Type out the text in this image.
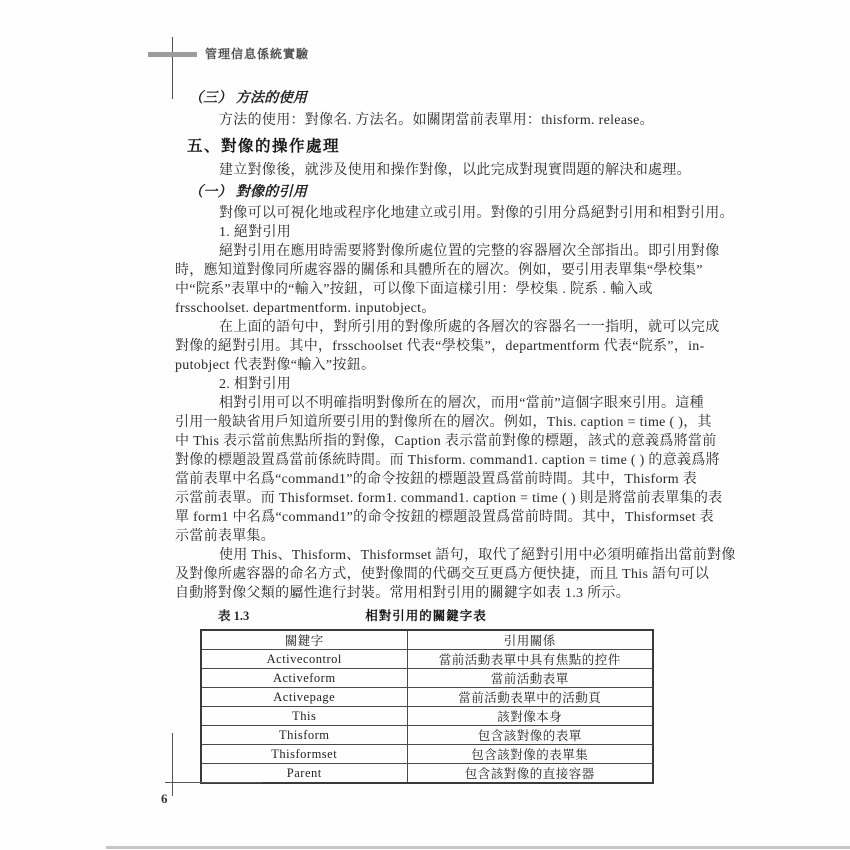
管理信息係統實驗
（三） 方法的使用
方法的使用：對像名. 方法名。如關閉當前表單用：thisform. release。
五、對像的操作處理
建立對像後，就涉及使用和操作對像，以此完成對現實問題的解決和處理。
（一） 對像的引用
對像可以可視化地或程序化地建立或引用。對像的引用分爲絕對引用和相對引用。
1. 絕對引用
絕對引用在應用時需要將對像所處位置的完整的容器層次全部指出。即引用對像
時，應知道對像同所處容器的關係和具體所在的層次。例如，要引用表單集“學校集”
中“院系”表單中的“輸入”按鈕，可以像下面這樣引用：學校集 . 院系 . 輸入或
frsschoolset. departmentform. inputobject。
在上面的語句中，對所引用的對像所處的各層次的容器名一一指明，就可以完成
對像的絕對引用。其中，frsschoolset 代表“學校集”，departmentform 代表“院系”，in-
putobject 代表對像“輸入”按鈕。
2. 相對引用
相對引用可以不明確指明對像所在的層次，而用“當前”這個字眼來引用。這種
引用一般缺省用戶知道所要引用的對像所在的層次。例如，This. caption = time ( )，其
中 This 表示當前焦點所指的對像，Caption 表示當前對像的標題，該式的意義爲將當前
對像的標題設置爲當前係統時間。而 Thisform. command1. caption = time ( ) 的意義爲將
當前表單中名爲“command1”的命令按鈕的標題設置爲當前時間。其中，Thisform 表
示當前表單。而 Thisformset. form1. command1. caption = time ( ) 則是將當前表單集的表
單 form1 中名爲“command1”的命令按鈕的標題設置爲當前時間。其中，Thisformset 表
示當前表單集。
使用 This、Thisform、Thisformset 語句，取代了絕對引用中必須明確指出當前對像
及對像所處容器的命名方式，使對像間的代碼交互更爲方便快捷，而且 This 語句可以
自動將對像父類的屬性進行封裝。常用相對引用的關鍵字如表 1.3 所示。
表 1.3	相對引用的關鍵字表
關鍵字	引用關係
Activecontrol	當前活動表單中具有焦點的控件
Activeform	當前活動表單
Activepage	當前活動表單中的活動頁
This	該對像本身
Thisform	包含該對像的表單
Thisformset	包含該對像的表單集
Parent	包含該對像的直接容器
6
